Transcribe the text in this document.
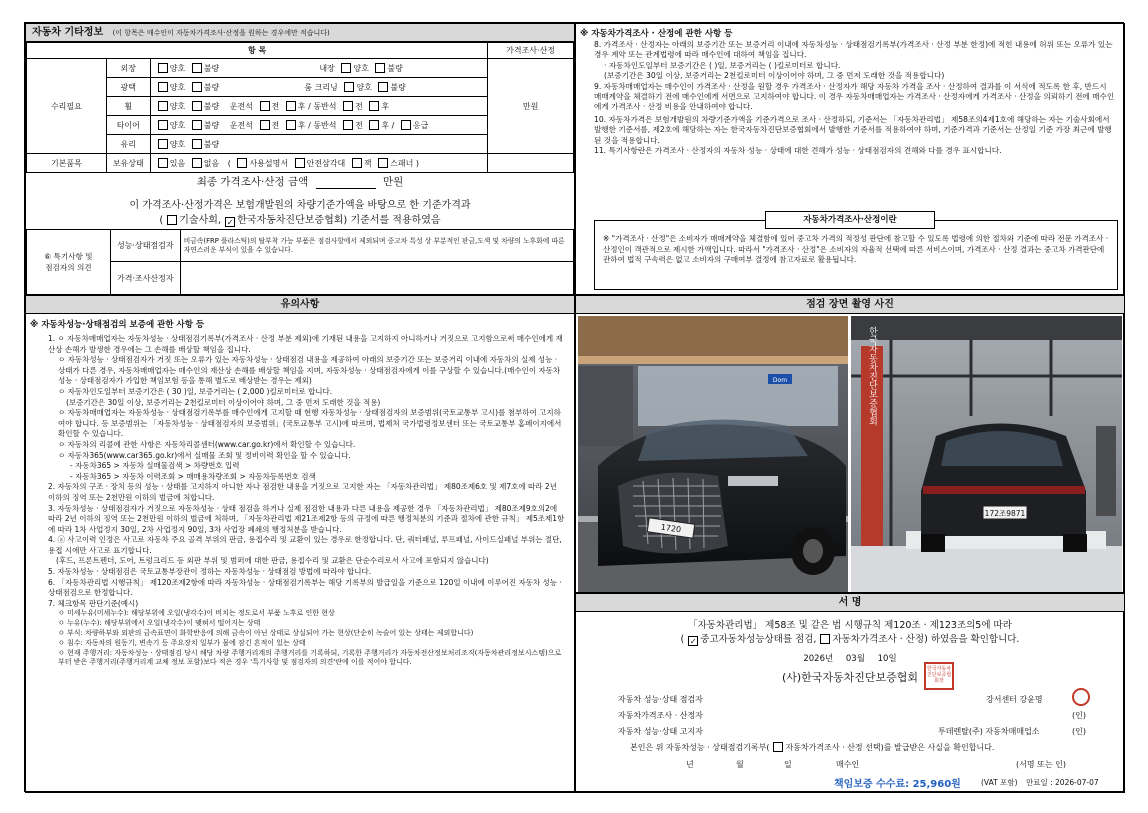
자동차 기타정보 (이 항목은 매수인이 자동차가격조사·산정을 원하는 경우에만 적습니다)
항 목			가격조사·산정
수리필요	외장	양호 불량 내장 양호 불량	만원
	광택	양호 불량 룸 크리닝 양호 불량	
	휠	양호 불량 운전석 전 후 / 동반석 전 후	
	타이어	양호 불량 운전석 전 후 / 동반석 전 후 / 응급	
	유리	양호 불량	
기본품목	보유상태	있음 없음 ( 사용설명서 안전삼각대 잭 스패너 )	
최종 가격조사·산정 금액	만원
이 가격조사·산정가격은 보험개발원의 차량기준가액을 바탕으로 한 기준가격과
( 기술사회, ✓ 한국자동차진단보증협회) 기준서를 적용하였음
⑥ 특기사항 및
점검자의 의견	성능·상태점검자	비금속(FRP 플라스틱)의 탈부착 가능 부품은 점검사항에서 제외되며 중고차 특성 상 부분적인 판금,도색 및 차량의 노후화에 따른 자연스러운 부식이 있을 수 있습니다.
	가격·조사산정자	
※ 자동차가격조사 · 산정에 관한 사항 등
8. 가격조사 · 산정자는 아래의 보증기간 또는 보증거리 이내에 자동차성능 · 상태점검기록부(가격조사 · 산정 부분 한정)에 적힌 내용에 허위 또는 오류가 있는 경우 계약 또는 관계법령에 따라 매수인에 대하여 책임을 집니다.
· 자동차인도일부터 보증기간은 ( )일, 보증거리는 ( )킬로미터로 합니다.
(보증기간은 30일 이상, 보증거리는 2천킬로미터 이상이어야 하며, 그 중 먼저 도래한 것을 적용합니다)
9. 자동차매매업자는 매수인이 가격조사 · 산정을 원할 경우 가격조사 · 산정자가 해당 자동차 가격을 조사 · 산정하여 결과를 이 서식에 적도록 한 후, 반드시 매매계약을 체결하기 전에 매수인에게 서면으로 고지하여야 합니다. 이 경우 자동차매매업자는 가격조사 · 산정자에게 가격조사 · 산정을 의뢰하기 전에 매수인에게 가격조사 · 산정 비용을 안내하여야 합니다.
10. 자동차가격은 보험개발원의 차량기준가액을 기준가격으로 조사 · 산정하되, 기준서는 「자동차관리법」 제58조의4제1호에 해당하는 자는 기술사회에서 발행한 기준서를, 제2호에 해당하는 자는 한국자동차진단보증협회에서 발행한 기준서를 적용하여야 하며, 기준가격과 기준서는 산정일 기준 가장 최근에 발행된 것을 적용합니다.
11. 특기사항란은 가격조사 · 산정자의 자동차 성능 · 상태에 대한 견해가 성능 · 상태점검자의 견해와 다를 경우 표시합니다.
자동차가격조사·산정이란
※ "가격조사 · 산정"은 소비자가 매매계약을 체결함에 있어 중고차 가격의 적정성 판단에 참고할 수 있도록 법령에 의한 절차와 기준에 따라 전문 가격조사 · 산정인이 객관적으로 제시한 가액입니다. 따라서 "가격조사 · 산정"은 소비자의 자율적 선택에 따른 서비스이며, 가격조사 · 산정 결과는 중고차 가격판단에 관하여 법적 구속력은 없고 소비자의 구매여부 결정에 참고자료로 활용됩니다.
유의사항
※ 자동차성능·상태점검의 보증에 관한 사항 등
1. ㅇ 자동차매매업자는 자동차성능 · 상태점검기록부(가격조사 · 산정 부분 제외)에 기재된 내용을 고지하지 아니하거나 거짓으로 고지함으로써 매수인에게 재산상 손해가 발생한 경우에는 그 손해를 배상할 책임을 집니다.
ㅇ 자동차성능 · 상태점검자가 거짓 또는 오류가 있는 자동차성능 · 상태점검 내용을 제공하여 아래의 보증기간 또는 보증거리 이내에 자동차의 실제 성능 · 상태가 다른 경우, 자동차매매업자는 매수인의 재산상 손해를 배상할 책임을 지며, 자동차성능 · 상태점검자에게 이를 구상할 수 있습니다.(매수인이 자동차성능 · 상태점검자가 가입한 책임보험 등을 통해 별도로 배상받는 경우는 제외)
ㅇ 자동차인도일부터 보증기간은 ( 30 )일, 보증거리는 ( 2,000 )킬로미터로 합니다.
(보증기간은 30일 이상, 보증거리는 2천킬로미터 이상이어야 하며, 그 중 먼저 도래한 것을 적용)
ㅇ 자동차매매업자는 자동차성능 · 상태점검기록부를 매수인에게 고지할 때 현행 자동차성능 · 상태점검자의 보증범위(국토교통부 고시)를 첨부하여 고지하여야 합니다. 등 보증범위는 「자동차성능 · 상태점검자의 보증범위」(국토교통부 고시)에 따르며, 법제처 국가법령정보센터 또는 국토교통부 홈페이지에서 확인할 수 있습니다.
ㅇ 자동차의 리콜에 관한 사항은 자동차리콜센터(www.car.go.kr)에서 확인할 수 있습니다.
ㅇ 자동차365(www.car365.go.kr)에서 실매물 조회 및 정비이력 확인을 할 수 있습니다.
- 자동차365 > 자동차 실매물검색 > 차량번호 입력
- 자동차365 > 자동차 이력조회 > 매매용차량조회 > 자동차등록번호 검색
2. 자동차의 구조 · 장치 등의 성능 · 상태를 고지하지 아니한 자나 점검한 내용을 거짓으로 고지한 자는 「자동차관리법」 제80조제6호 및 제7호에 따라 2년 이하의 징역 또는 2천만원 이하의 벌금에 처합니다.
3. 자동차성능 · 상태점검자가 거짓으로 자동차성능 · 상태 점검을 하거나 실제 점검한 내용과 다른 내용을 제공한 경우 「자동차관리법」 제80조제9호의2에 따라 2년 이하의 징역 또는 2천만원 이하의 벌금에 처하며, 「자동차관리법 제21조제2항 등의 규정에 따른 행정처분의 기준과 절차에 관한 규칙」 제5조제1항에 따라 1차 사업정지 30일, 2차 사업정지 90일, 3차 사업장 폐쇄의 행정처분을 받습니다.
4. ⓐ 사고이력 인정은 사고로 자동차 주요 골격 부위의 판금, 용접수리 및 교환이 있는 경우로 한정합니다. 단, 쿼터패널, 루프패널, 사이드실패널 부위는 절단, 용접 시에만 사고로 표기합니다.
(후드, 프론트펜더, 도어, 트렁크리드 등 외판 부위 및 범퍼에 대한 판금, 용접수리 및 교환은 단순수리로서 사고에 포함되지 않습니다)
5. 자동차성능 · 상태점검은 국토교통부장관이 정하는 자동차성능 · 상태점검 방법에 따라야 합니다.
6. 「자동차관리법 시행규칙」 제120조제2항에 따라 자동차성능 · 상태점검기록부는 해당 기록부의 발급일을 기준으로 120일 이내에 이루어진 자동차 성능 · 상태점검으로 한정합니다.
7. 체크항목 판단기준(예시)
ㅇ 미세누유(미세누수): 해당부위에 오일(냉각수)이 비치는 정도로서 부품 노후로 인한 현상
ㅇ 누유(누수): 해당부위에서 오일(냉각수)이 맺혀서 떨어지는 상태
ㅇ 부식: 차량하부와 외판의 금속표면이 화학반응에 의해 금속이 아닌 상태로 상실되어 가는 현상(단순히 녹슬어 있는 상태는 제외합니다)
ㅇ 침수: 자동차의 원동기, 변속기 등 주요장치 일부가 물에 잠긴 흔적이 있는 상태
ㅇ 현재 주행거리: 자동차성능 · 상태점검 당시 해당 차량 주행거리계의 주행거리를 기록하되, 기록한 주행거리가 자동차전산정보처리조직(자동차관리정보시스템)으로부터 받은 주행거리(주행거리계 교체 정보 포함)보다 적은 경우 '특기사항 및 점검자의 의견'란에 이를 적어야 합니다.
점검 장면 촬영 사진
Dom
1720
한국자동차진단보증협회
172조9871
서 명
「자동차관리법」 제58조 및 같은 법 시행규칙 제120조 · 제123조의5에 따라
( ✓ 중고자동차성능상태를 점검, 자동차가격조사 · 산정) 하였음을 확인합니다.
2026년 03월 10일
(사)한국자동차진단보증협회
한국자동차진단보증협회장
자동차 성능·상태 점검자	강서센터 강윤명
자동차가격조사 · 산정자	(인)
자동차 성능·상태 고지자	투데렌탈(주) 자동차매매업소	(인)
본인은 위 자동차성능 · 상태점검기록부( 자동차가격조사 · 산정 선택)를 발급받은 사실을 확인합니다.
년	월	일	매수인	(서명 또는 인)
책임보증 수수료: 25,960원	(VAT 포함) 만료일 : 2026-07-07
